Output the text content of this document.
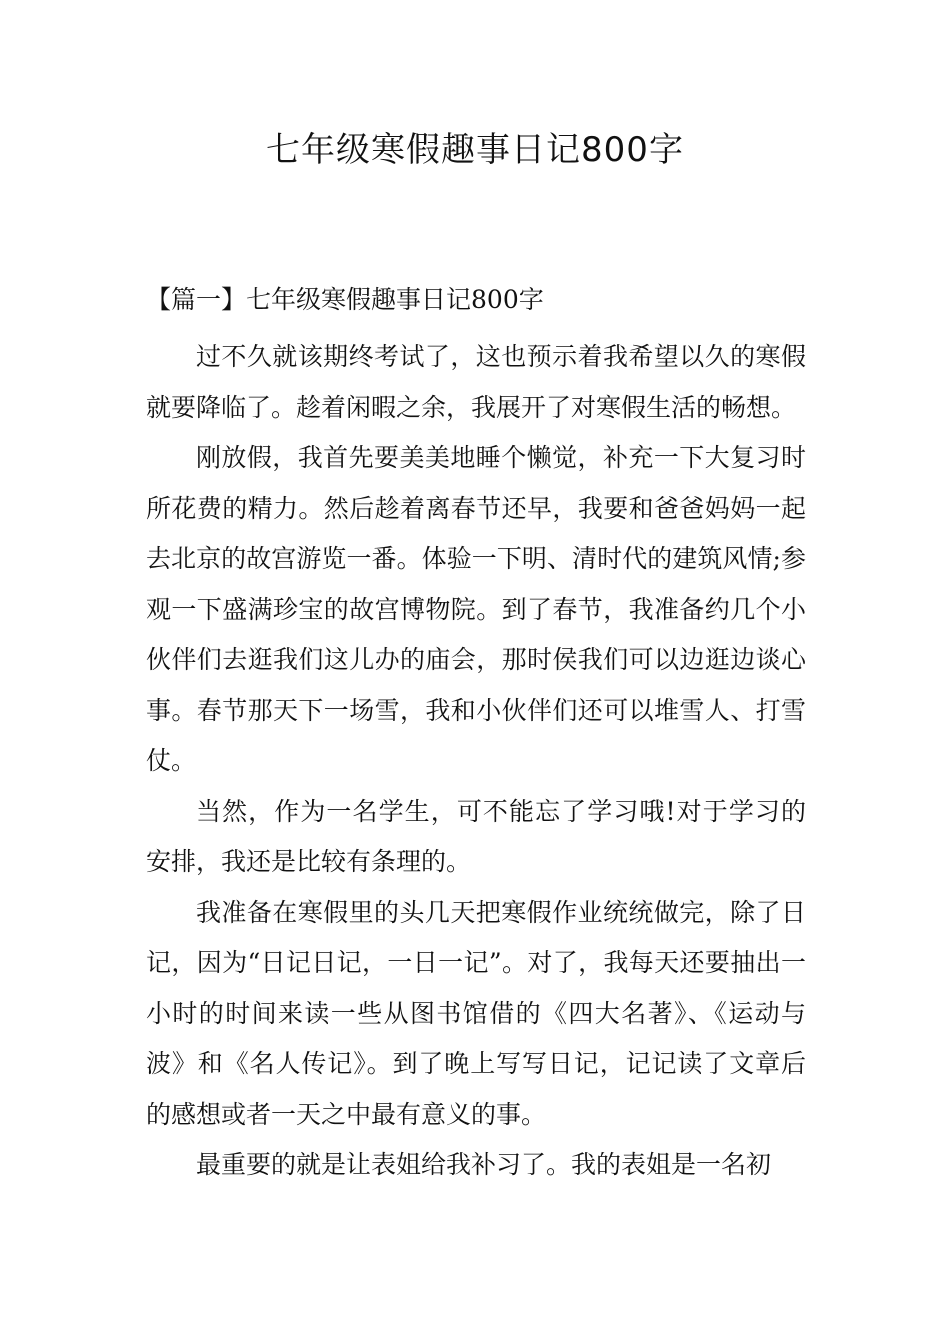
七年级寒假趣事日记800字
【篇一】七年级寒假趣事日记800字

过不久就该期终考试了，这也预示着我希望以久的寒假就要降临了。趁着闲暇之余，我展开了对寒假生活的畅想。

刚放假，我首先要美美地睡个懒觉，补充一下大复习时所花费的精力。然后趁着离春节还早，我要和爸爸妈妈一起去北京的故宫游览一番。体验一下明、清时代的建筑风情;参观一下盛满珍宝的故宫博物院。到了春节，我准备约几个小伙伴们去逛我们这儿办的庙会，那时侯我们可以边逛边谈心事。春节那天下一场雪，我和小伙伴们还可以堆雪人、打雪仗。

当然，作为一名学生，可不能忘了学习哦!对于学习的安排，我还是比较有条理的。

我准备在寒假里的头几天把寒假作业统统做完，除了日记，因为“日记日记，一日一记”。对了，我每天还要抽出一小时的时间来读一些从图书馆借的《四大名著》、《运动与波》和《名人传记》。到了晚上写写日记，记记读了文章后的感想或者一天之中最有意义的事。

最重要的就是让表姐给我补习了。我的表姐是一名初
